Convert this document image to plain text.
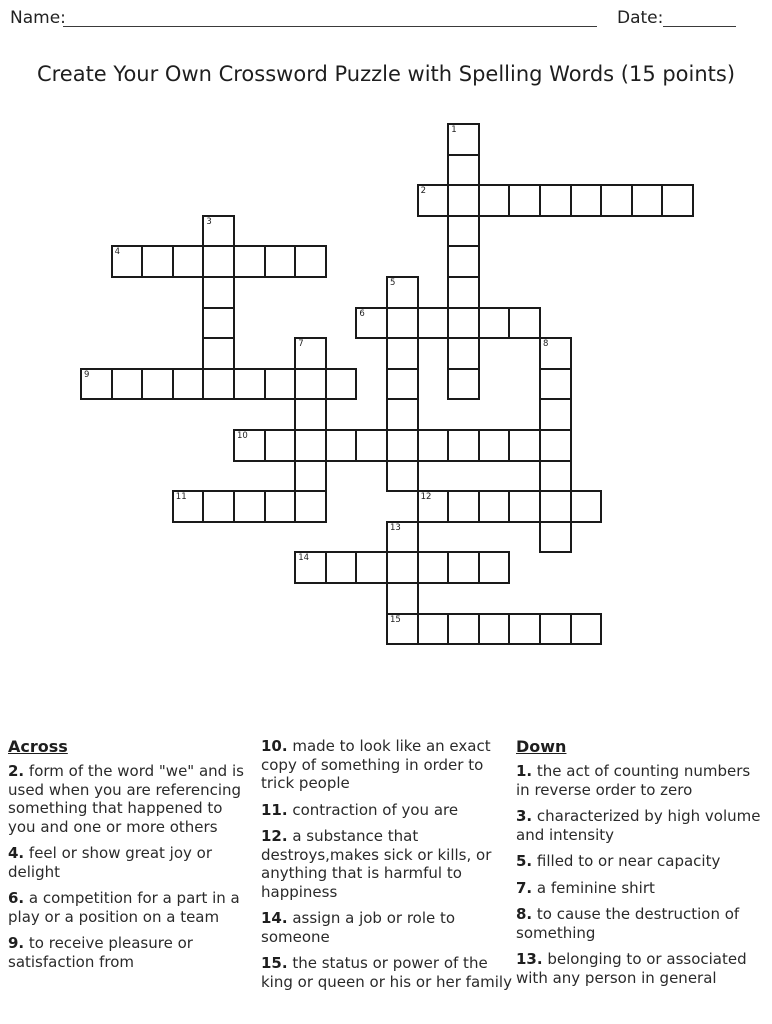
Name:	Date:
Create Your Own Crossword Puzzle with Spelling Words (15 points)
1
2
3
4
5
6
7	8
9
10
11	12
13
15
14
Across
2. form of the word "we" and is used when you are referencing something that happened to you and one or more others
4. feel or show great joy or delight
6. a competition for a part in a play or a position on a team
9. to receive pleasure or satisfaction from
10. made to look like an exact copy of something in order to trick people
11. contraction of you are
12. a substance that destroys,makes sick or kills, or anything that is harmful to happiness
14. assign a job or role to someone
15. the status or power of the king or queen or his or her family
Down
1. the act of counting numbers in reverse order to zero
3. characterized by high volume and intensity
5. filled to or near capacity
7. a feminine shirt
8. to cause the destruction of something
13. belonging to or associated with any person in general
